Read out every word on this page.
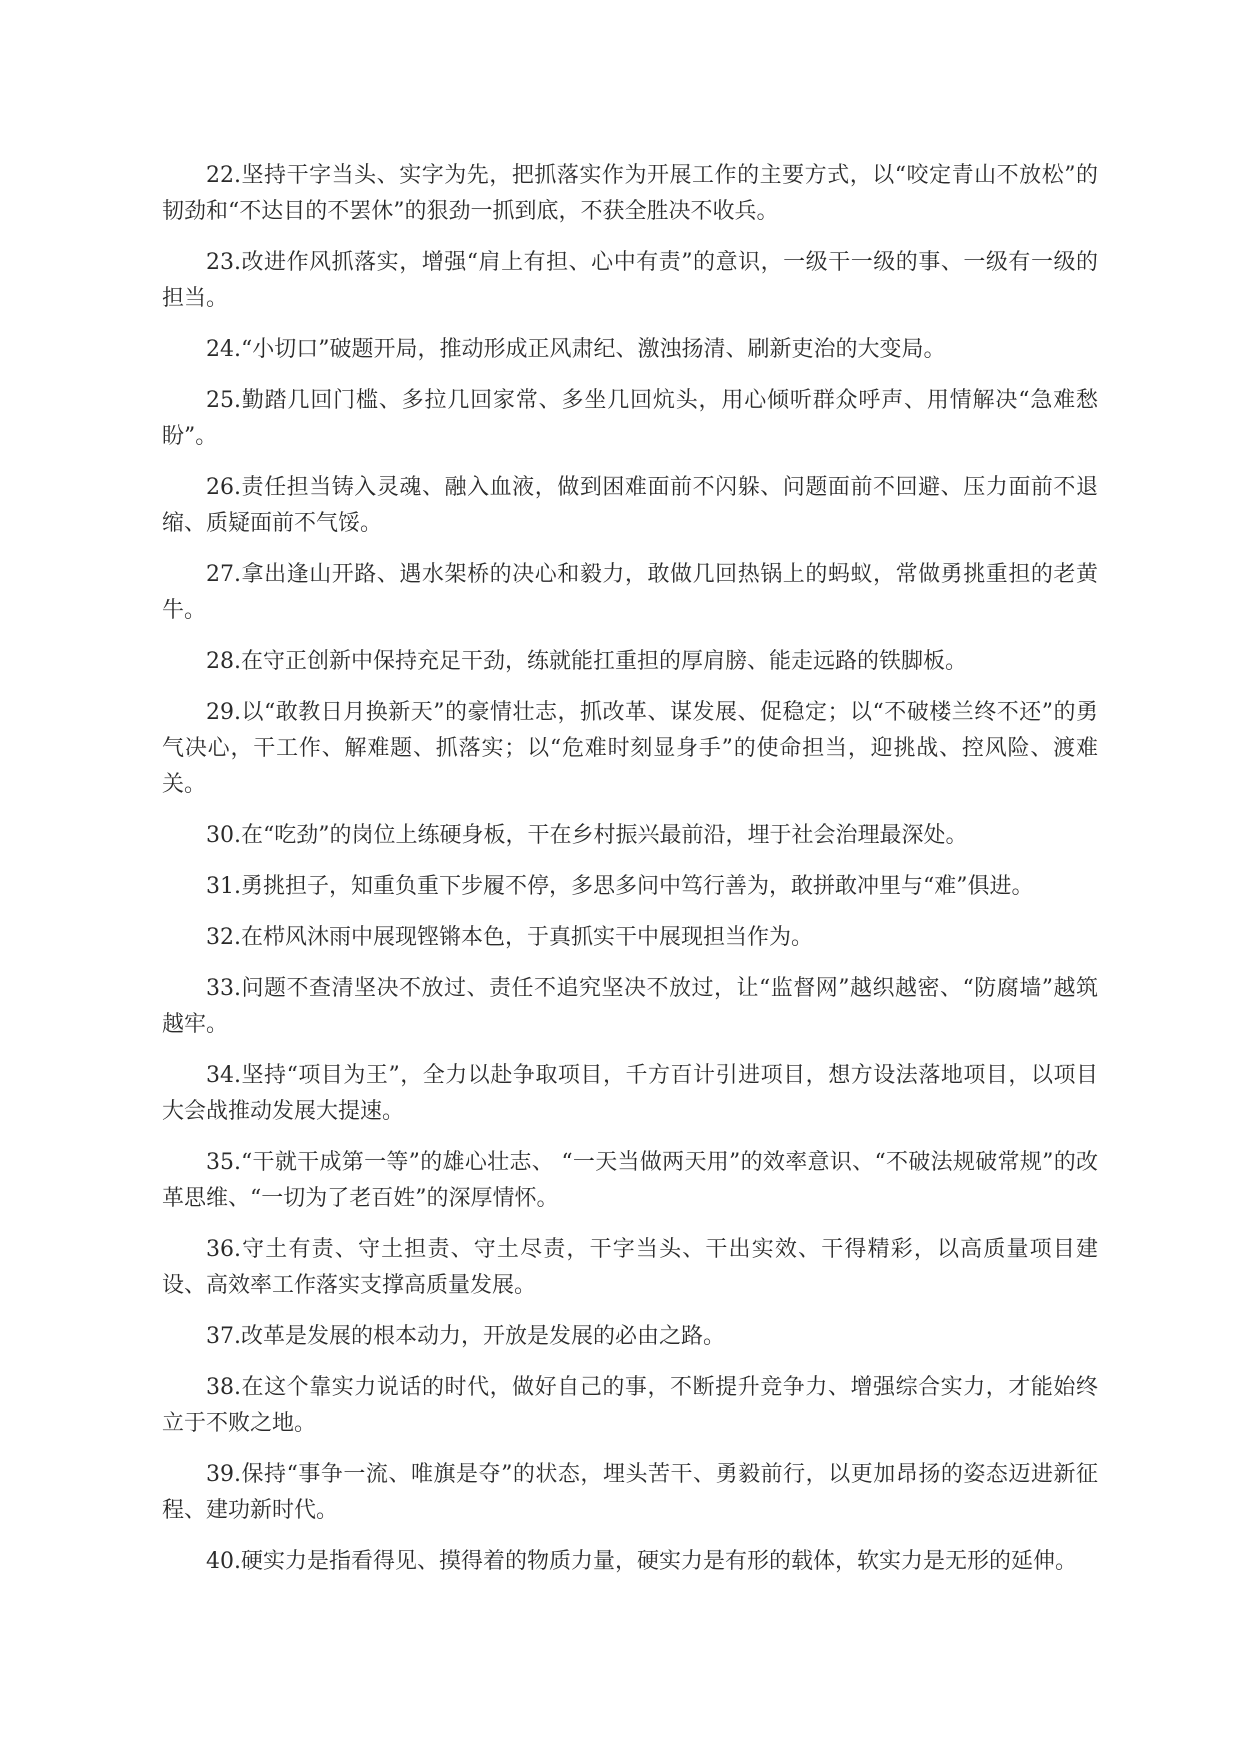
22.坚持干字当头、实字为先，把抓落实作为开展工作的主要方式，以“咬定青山不放松”的韧劲和“不达目的不罢休”的狠劲一抓到底，不获全胜决不收兵。

23.改进作风抓落实，增强“肩上有担、心中有责”的意识，一级干一级的事、一级有一级的担当。

24.“小切口”破题开局，推动形成正风肃纪、激浊扬清、刷新吏治的大变局。

25.勤踏几回门槛、多拉几回家常、多坐几回炕头，用心倾听群众呼声、用情解决“急难愁盼”。

26.责任担当铸入灵魂、融入血液，做到困难面前不闪躲、问题面前不回避、压力面前不退缩、质疑面前不气馁。

27.拿出逢山开路、遇水架桥的决心和毅力，敢做几回热锅上的蚂蚁，常做勇挑重担的老黄牛。

28.在守正创新中保持充足干劲，练就能扛重担的厚肩膀、能走远路的铁脚板。

29.以“敢教日月换新天”的豪情壮志，抓改革、谋发展、促稳定；以“不破楼兰终不还”的勇气决心，干工作、解难题、抓落实；以“危难时刻显身手”的使命担当，迎挑战、控风险、渡难关。

30.在“吃劲”的岗位上练硬身板，干在乡村振兴最前沿，埋于社会治理最深处。

31.勇挑担子，知重负重下步履不停，多思多问中笃行善为，敢拼敢冲里与“难”俱进。

32.在栉风沐雨中展现铿锵本色，于真抓实干中展现担当作为。

33.问题不查清坚决不放过、责任不追究坚决不放过，让“监督网”越织越密、“防腐墙”越筑越牢。

34.坚持“项目为王”，全力以赴争取项目，千方百计引进项目，想方设法落地项目，以项目大会战推动发展大提速。

35.“干就干成第一等”的雄心壮志、 “一天当做两天用”的效率意识、“不破法规破常规”的改革思维、“一切为了老百姓”的深厚情怀。

36.守土有责、守土担责、守土尽责，干字当头、干出实效、干得精彩，以高质量项目建设、高效率工作落实支撑高质量发展。

37.改革是发展的根本动力，开放是发展的必由之路。

38.在这个靠实力说话的时代，做好自己的事，不断提升竞争力、增强综合实力，才能始终立于不败之地。

39.保持“事争一流、唯旗是夺”的状态，埋头苦干、勇毅前行，以更加昂扬的姿态迈进新征程、建功新时代。

40.硬实力是指看得见、摸得着的物质力量，硬实力是有形的载体，软实力是无形的延伸。
